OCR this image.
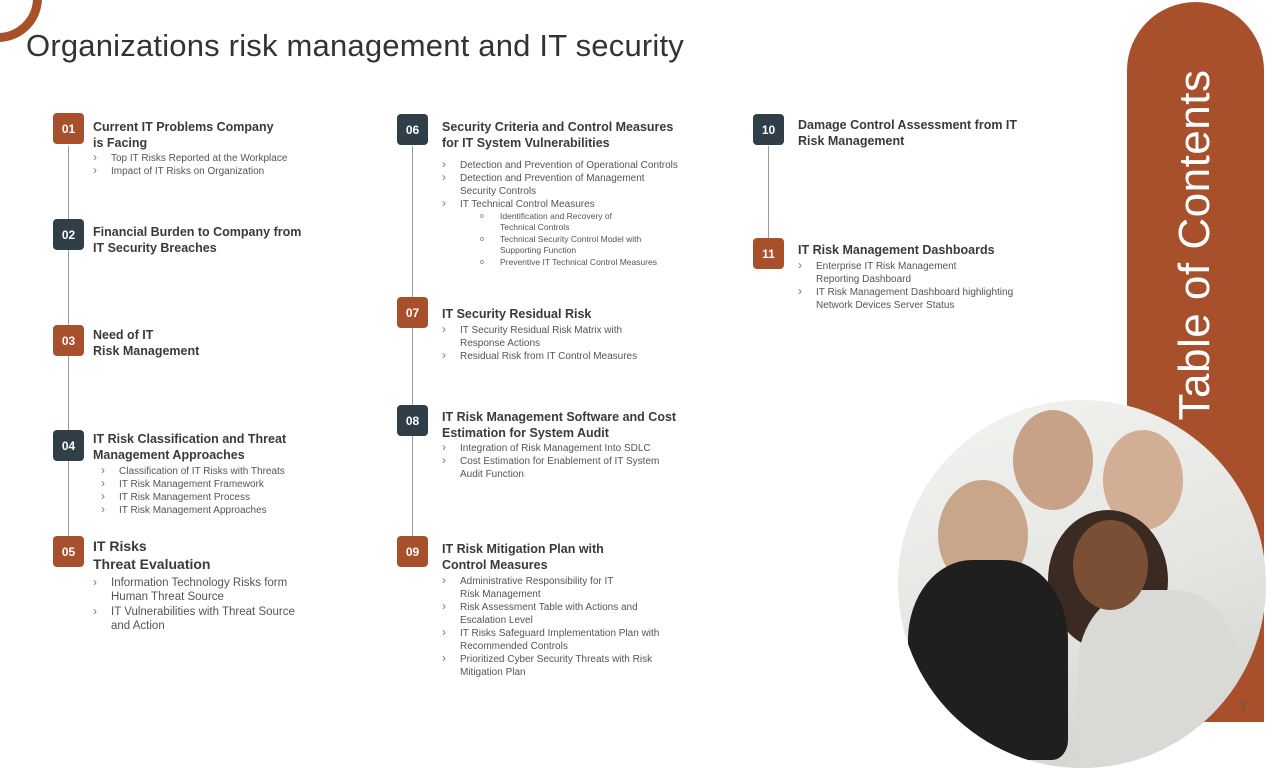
Organizations risk management and IT security
Table of Contents
01	Current IT Problems Company
is Facing
› Top IT Risks Reported at the Workplace
› Impact of IT Risks on Organization
02	Financial Burden to Company from
IT Security Breaches
03	Need of IT
Risk Management
04	IT Risk Classification and Threat
Management Approaches
› Classification of IT Risks with Threats
› IT Risk Management Framework
› IT Risk Management Process
› IT Risk Management Approaches
05	IT Risks
Threat Evaluation
› Information Technology Risks form
Human Threat Source
› IT Vulnerabilities with Threat Source
and Action
06	Security Criteria and Control Measures
for IT System Vulnerabilities
› Detection and Prevention of Operational Controls
› Detection and Prevention of Management
Security Controls
› IT Technical Control Measures
o Identification and Recovery of
Technical Controls
o Technical Security Control Model with
Supporting Function
o Preventive IT Technical Control Measures
07	IT Security Residual Risk
› IT Security Residual Risk Matrix with
Response Actions
› Residual Risk from IT Control Measures
08	IT Risk Management Software and Cost
Estimation for System Audit
› Integration of Risk Management Into SDLC
› Cost Estimation for Enablement of IT System
Audit Function
09	IT Risk Mitigation Plan with
Control Measures
› Administrative Responsibility for IT
Risk Management
› Risk Assessment Table with Actions and
Escalation Level
› IT Risks Safeguard Implementation Plan with
Recommended Controls
› Prioritized Cyber Security Threats with Risk
Mitigation Plan
10	Damage Control Assessment from IT
Risk Management
11	IT Risk Management Dashboards
› Enterprise IT Risk Management
Reporting Dashboard
› IT Risk Management Dashboard highlighting
Network Devices Server Status
3
